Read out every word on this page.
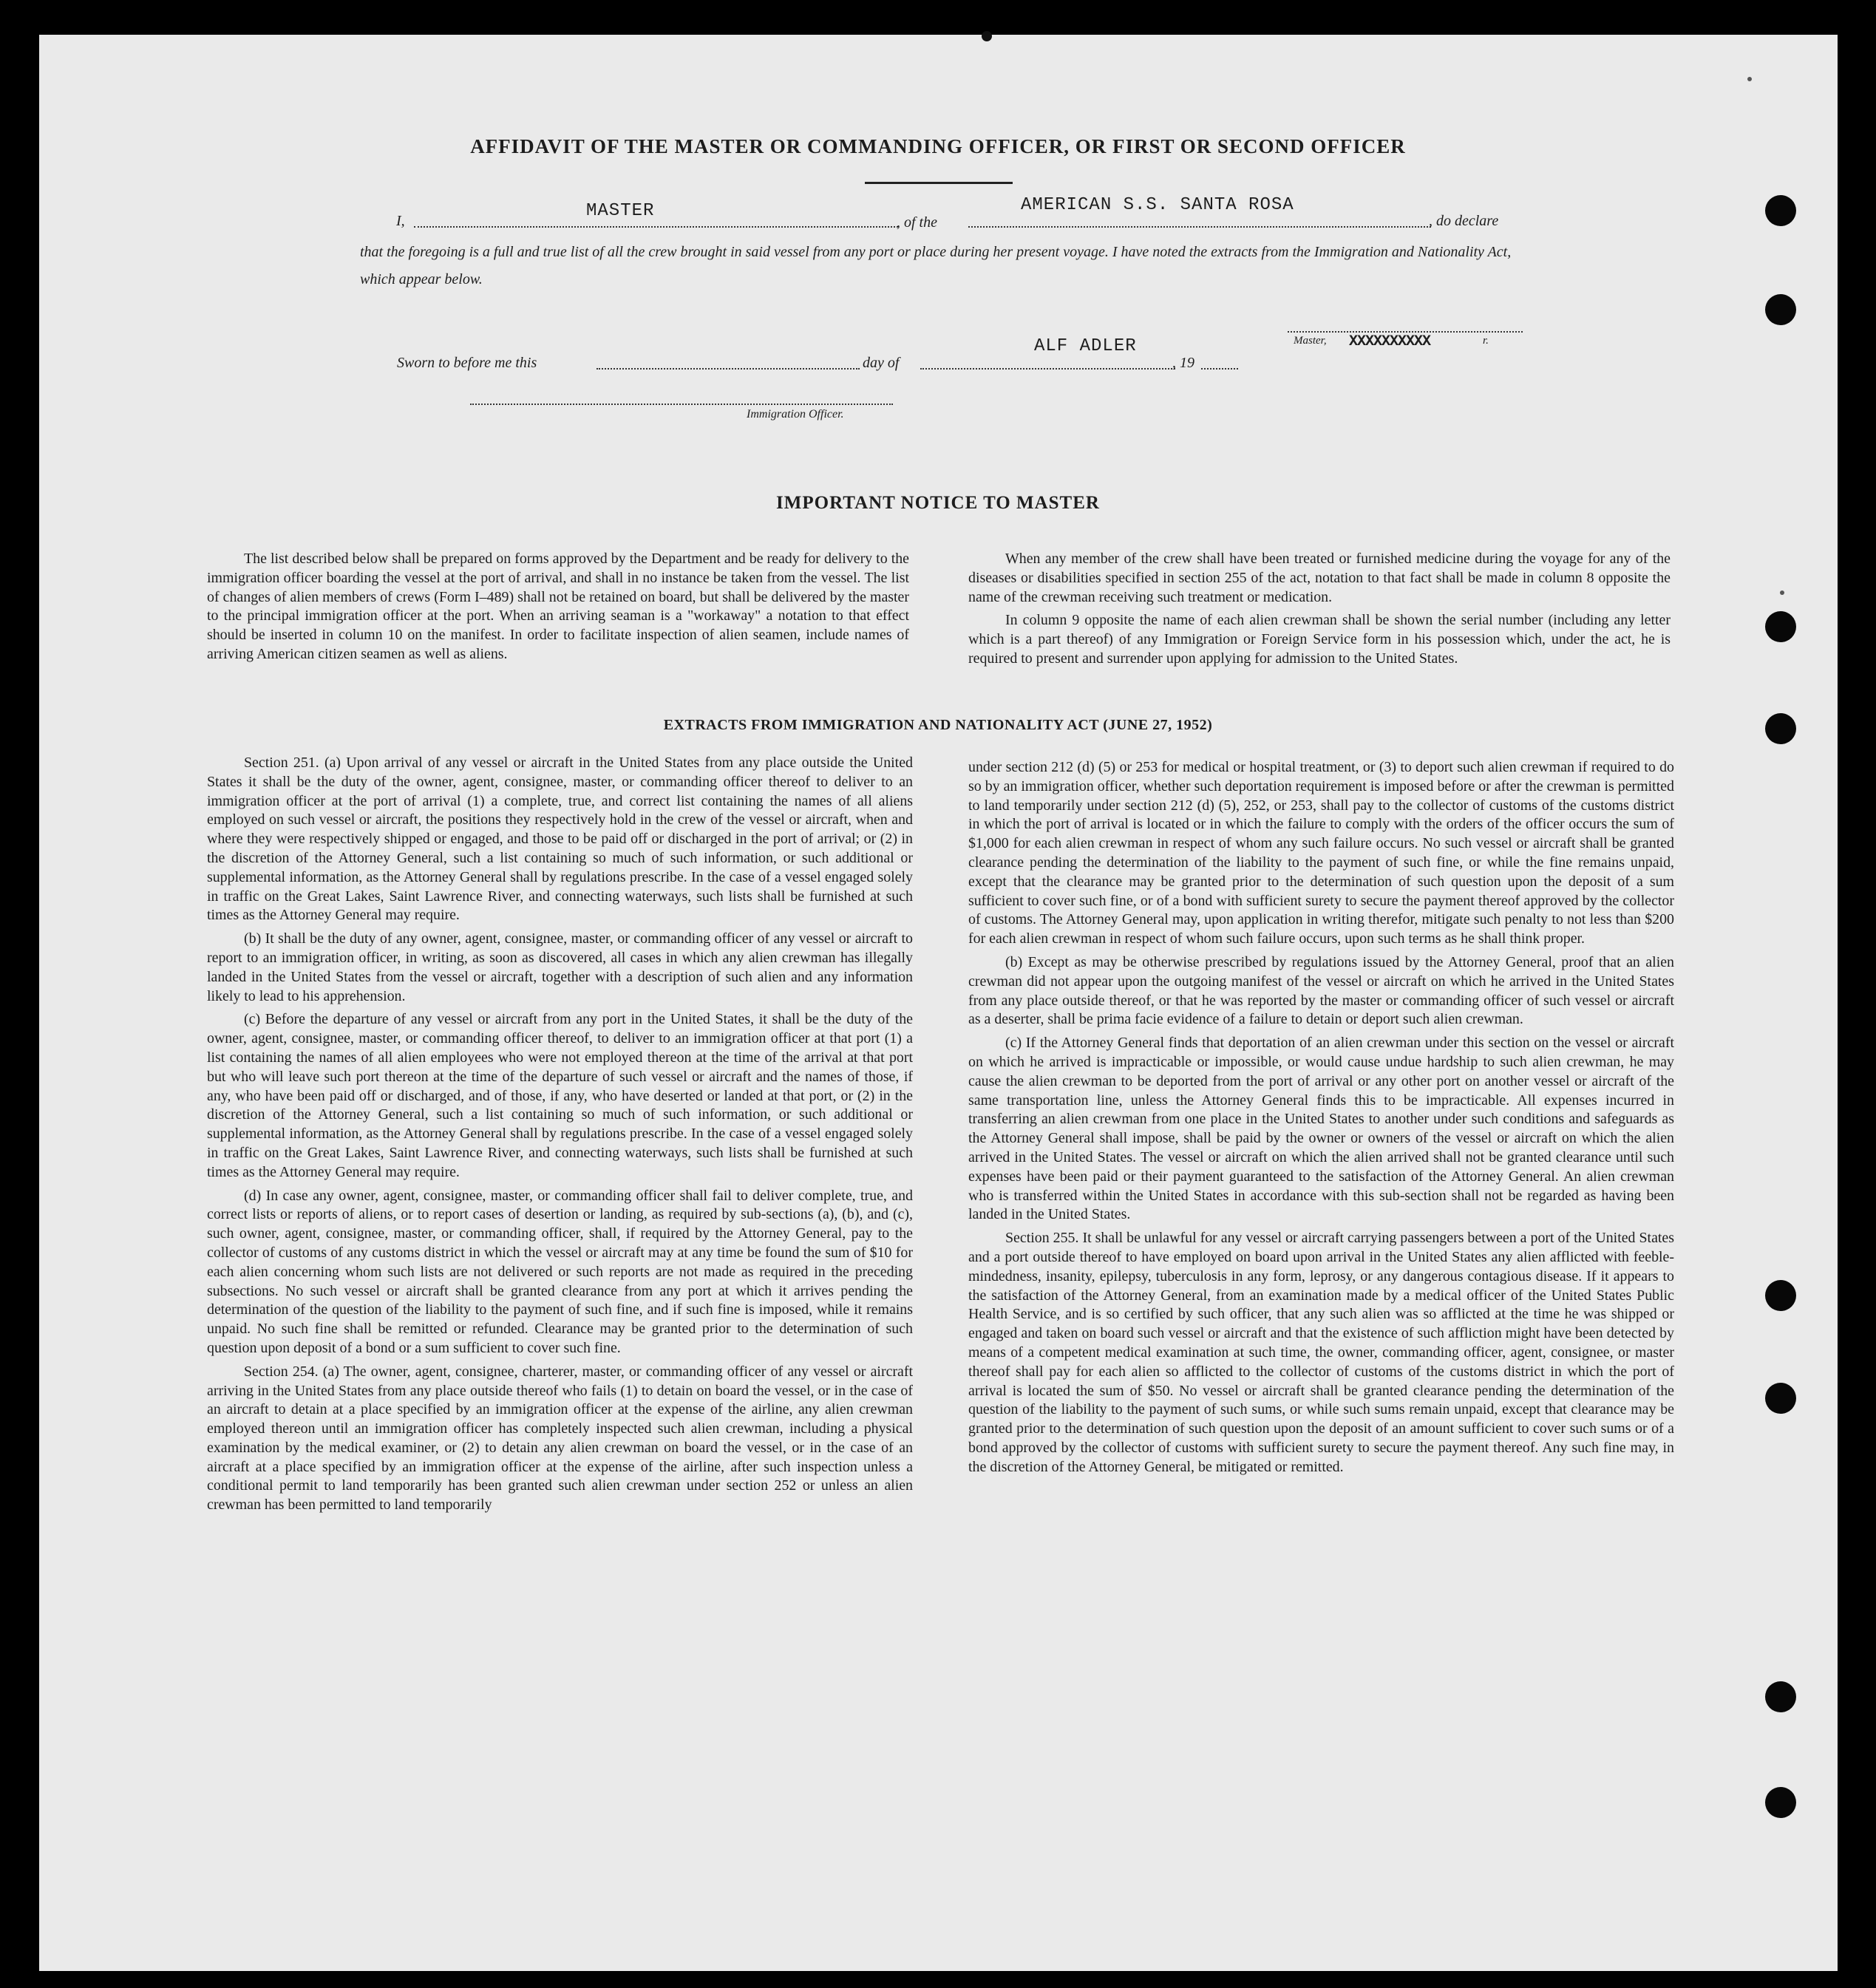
AFFIDAVIT OF THE MASTER OR COMMANDING OFFICER, OR FIRST OR SECOND OFFICER
I,	MASTER
, of the
AMERICAN S.S. SANTA ROSA
, do declare
that the foregoing is a full and true list of all the crew brought in said vessel from any port or place during her present voyage. I have noted the extracts from the Immigration and Nationality Act, which appear below.
ALF ADLER	Master, XXXXXXXXXX	r.
Sworn to before me this	day of	, 19
Immigration Officer.
IMPORTANT NOTICE TO MASTER

The list described below shall be prepared on forms approved by the Department and be ready for delivery to the immigration officer boarding the vessel at the port of arrival, and shall in no instance be taken from the vessel. The list of changes of alien members of crews (Form I–489) shall not be retained on board, but shall be delivered by the master to the principal immigration officer at the port. When an arriving seaman is a "workaway" a notation to that effect should be inserted in column 10 on the manifest. In order to facilitate inspection of alien seamen, include names of arriving American citizen seamen as well as aliens.

When any member of the crew shall have been treated or furnished medicine during the voyage for any of the diseases or disabilities specified in section 255 of the act, notation to that fact shall be made in column 8 opposite the name of the crewman receiving such treatment or medication.

In column 9 opposite the name of each alien crewman shall be shown the serial number (including any letter which is a part thereof) of any Immigration or Foreign Service form in his possession which, under the act, he is required to present and surrender upon applying for admission to the United States.

EXTRACTS FROM IMMIGRATION AND NATIONALITY ACT (JUNE 27, 1952)

Section 251. (a) Upon arrival of any vessel or aircraft in the United States from any place outside the United States it shall be the duty of the owner, agent, consignee, master, or commanding officer thereof to deliver to an immigration officer at the port of arrival (1) a complete, true, and correct list containing the names of all aliens employed on such vessel or aircraft, the positions they respectively hold in the crew of the vessel or aircraft, when and where they were respectively shipped or engaged, and those to be paid off or discharged in the port of arrival; or (2) in the discretion of the Attorney General, such a list containing so much of such information, or such additional or supplemental information, as the Attorney General shall by regulations prescribe. In the case of a vessel engaged solely in traffic on the Great Lakes, Saint Lawrence River, and connecting waterways, such lists shall be furnished at such times as the Attorney General may require.

(b) It shall be the duty of any owner, agent, consignee, master, or commanding officer of any vessel or aircraft to report to an immigration officer, in writing, as soon as discovered, all cases in which any alien crewman has illegally landed in the United States from the vessel or aircraft, together with a description of such alien and any information likely to lead to his apprehension.

(c) Before the departure of any vessel or aircraft from any port in the United States, it shall be the duty of the owner, agent, consignee, master, or commanding officer thereof, to deliver to an immigration officer at that port (1) a list containing the names of all alien employees who were not employed thereon at the time of the arrival at that port but who will leave such port thereon at the time of the departure of such vessel or aircraft and the names of those, if any, who have been paid off or discharged, and of those, if any, who have deserted or landed at that port, or (2) in the discretion of the Attorney General, such a list containing so much of such information, or such additional or supplemental information, as the Attorney General shall by regulations prescribe. In the case of a vessel engaged solely in traffic on the Great Lakes, Saint Lawrence River, and connecting waterways, such lists shall be furnished at such times as the Attorney General may require.

(d) In case any owner, agent, consignee, master, or commanding officer shall fail to deliver complete, true, and correct lists or reports of aliens, or to report cases of desertion or landing, as required by sub-sections (a), (b), and (c), such owner, agent, consignee, master, or commanding officer, shall, if required by the Attorney General, pay to the collector of customs of any customs district in which the vessel or aircraft may at any time be found the sum of $10 for each alien concerning whom such lists are not delivered or such reports are not made as required in the preceding subsections. No such vessel or aircraft shall be granted clearance from any port at which it arrives pending the determination of the question of the liability to the payment of such fine, and if such fine is imposed, while it remains unpaid. No such fine shall be remitted or refunded. Clearance may be granted prior to the determination of such question upon deposit of a bond or a sum sufficient to cover such fine.

Section 254. (a) The owner, agent, consignee, charterer, master, or commanding officer of any vessel or aircraft arriving in the United States from any place outside thereof who fails (1) to detain on board the vessel, or in the case of an aircraft to detain at a place specified by an immigration officer at the expense of the airline, any alien crewman employed thereon until an immigration officer has completely inspected such alien crewman, including a physical examination by the medical examiner, or (2) to detain any alien crewman on board the vessel, or in the case of an aircraft at a place specified by an immigration officer at the expense of the airline, after such inspection unless a conditional permit to land temporarily has been granted such alien crewman under section 252 or unless an alien crewman has been permitted to land temporarily

under section 212 (d) (5) or 253 for medical or hospital treatment, or (3) to deport such alien crewman if required to do so by an immigration officer, whether such deportation requirement is imposed before or after the crewman is permitted to land temporarily under section 212 (d) (5), 252, or 253, shall pay to the collector of customs of the customs district in which the port of arrival is located or in which the failure to comply with the orders of the officer occurs the sum of $1,000 for each alien crewman in respect of whom any such failure occurs. No such vessel or aircraft shall be granted clearance pending the determination of the liability to the payment of such fine, or while the fine remains unpaid, except that the clearance may be granted prior to the determination of such question upon the deposit of a sum sufficient to cover such fine, or of a bond with sufficient surety to secure the payment thereof approved by the collector of customs. The Attorney General may, upon application in writing therefor, mitigate such penalty to not less than $200 for each alien crewman in respect of whom such failure occurs, upon such terms as he shall think proper.

(b) Except as may be otherwise prescribed by regulations issued by the Attorney General, proof that an alien crewman did not appear upon the outgoing manifest of the vessel or aircraft on which he arrived in the United States from any place outside thereof, or that he was reported by the master or commanding officer of such vessel or aircraft as a deserter, shall be prima facie evidence of a failure to detain or deport such alien crewman.

(c) If the Attorney General finds that deportation of an alien crewman under this section on the vessel or aircraft on which he arrived is impracticable or impossible, or would cause undue hardship to such alien crewman, he may cause the alien crewman to be deported from the port of arrival or any other port on another vessel or aircraft of the same transportation line, unless the Attorney General finds this to be impracticable. All expenses incurred in transferring an alien crewman from one place in the United States to another under such conditions and safeguards as the Attorney General shall impose, shall be paid by the owner or owners of the vessel or aircraft on which the alien arrived in the United States. The vessel or aircraft on which the alien arrived shall not be granted clearance until such expenses have been paid or their payment guaranteed to the satisfaction of the Attorney General. An alien crewman who is transferred within the United States in accordance with this sub-section shall not be regarded as having been landed in the United States.

Section 255. It shall be unlawful for any vessel or aircraft carrying passengers between a port of the United States and a port outside thereof to have employed on board upon arrival in the United States any alien afflicted with feeble-mindedness, insanity, epilepsy, tuberculosis in any form, leprosy, or any dangerous contagious disease. If it appears to the satisfaction of the Attorney General, from an examination made by a medical officer of the United States Public Health Service, and is so certified by such officer, that any such alien was so afflicted at the time he was shipped or engaged and taken on board such vessel or aircraft and that the existence of such affliction might have been detected by means of a competent medical examination at such time, the owner, commanding officer, agent, consignee, or master thereof shall pay for each alien so afflicted to the collector of customs of the customs district in which the port of arrival is located the sum of $50. No vessel or aircraft shall be granted clearance pending the determination of the question of the liability to the payment of such sums, or while such sums remain unpaid, except that clearance may be granted prior to the determination of such question upon the deposit of an amount sufficient to cover such sums or of a bond approved by the collector of customs with sufficient surety to secure the payment thereof. Any such fine may, in the discretion of the Attorney General, be mitigated or remitted.
